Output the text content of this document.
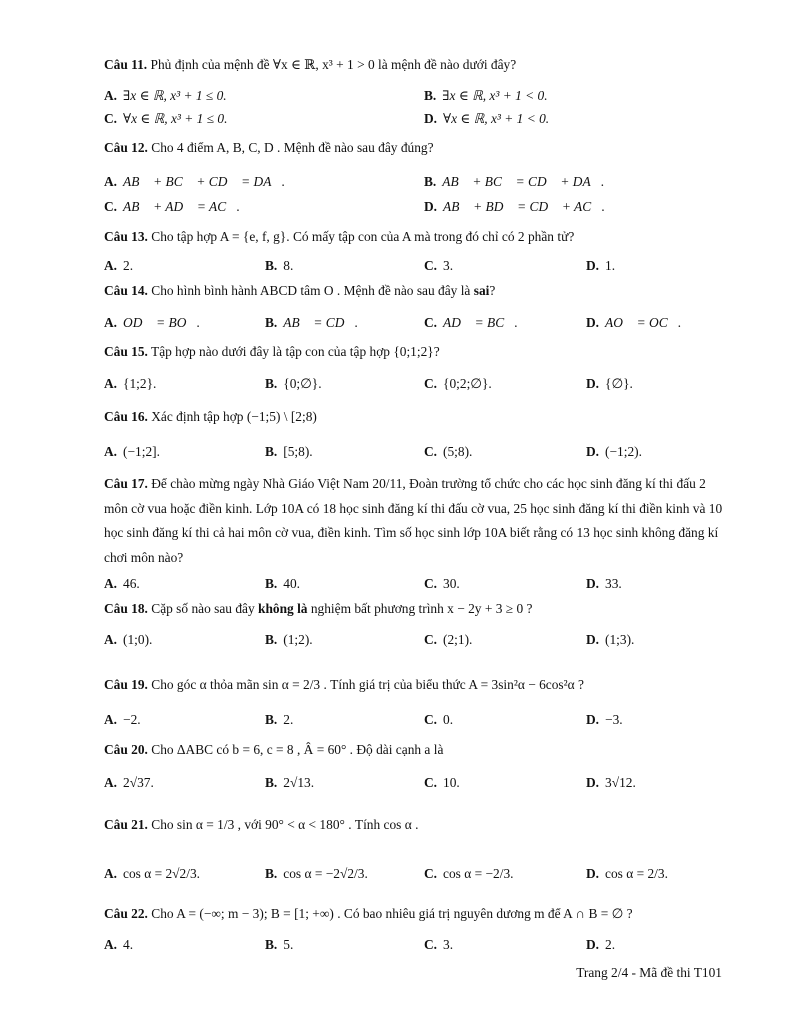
Câu 11. Phủ định của mệnh đề ∀x ∈ ℝ, x³ + 1 > 0 là mệnh đề nào dưới đây?
A. ∃x ∈ ℝ, x³ + 1 ≤ 0.	B. ∃x ∈ ℝ, x³ + 1 < 0.
C. ∀x ∈ ℝ, x³ + 1 ≤ 0.	D. ∀x ∈ ℝ, x³ + 1 < 0.
Câu 12. Cho 4 điểm A, B, C, D . Mệnh đề nào sau đây đúng?
A. AB⃗ + BC⃗ + CD⃗ = DA⃗.	B. AB⃗ + BC⃗ = CD⃗ + DA⃗.
C. AB⃗ + AD⃗ = AC⃗.	D. AB⃗ + BD⃗ = CD⃗ + AC⃗.
Câu 13. Cho tập hợp A = {e, f, g}. Có mấy tập con của A mà trong đó chỉ có 2 phần tử?
A. 2.	B. 8.	C. 3.	D. 1.
Câu 14. Cho hình bình hành ABCD tâm O . Mệnh đề nào sau đây là sai?
A. OD⃗ = BO⃗.	B. AB⃗ = CD⃗.	C. AD⃗ = BC⃗.	D. AO⃗ = OC⃗.
Câu 15. Tập hợp nào dưới đây là tập con của tập hợp {0;1;2}?
A. {1;2}.	B. {0;∅}.	C. {0;2;∅}.	D. {∅}.
Câu 16. Xác định tập hợp (−1;5) \ [2;8)
A. (−1;2].	B. [5;8).	C. (5;8).	D. (−1;2).
Câu 17. Để chào mừng ngày Nhà Giáo Việt Nam 20/11, Đoàn trường tổ chức cho các học sinh đăng kí thi đấu 2 môn cờ vua hoặc điền kinh. Lớp 10A có 18 học sinh đăng kí thi đấu cờ vua, 25 học sinh đăng kí thi điền kinh và 10 học sinh đăng kí thi cả hai môn cờ vua, điền kinh. Tìm số học sinh lớp 10A biết rằng có 13 học sinh không đăng kí chơi môn nào?
A. 46.	B. 40.	C. 30.	D. 33.
Câu 18. Cặp số nào sau đây không là nghiệm bất phương trình x − 2y + 3 ≥ 0 ?
A. (1;0).	B. (1;2).	C. (2;1).	D. (1;3).
Câu 19. Cho góc α thỏa mãn sin α = 2/3 . Tính giá trị của biểu thức A = 3sin²α − 6cos²α ?
A. −2.	B. 2.	C. 0.	D. −3.
Câu 20. Cho ΔABC có b = 6, c = 8 , Â = 60° . Độ dài cạnh a là
A. 2√37.	B. 2√13.	C. 10.	D. 3√12.
Câu 21. Cho sin α = 1/3 , với 90° < α < 180° . Tính cos α .
A. cos α = 2√2/3.	B. cos α = −2√2/3.	C. cos α = −2/3.	D. cos α = 2/3.
Câu 22. Cho A = (−∞; m − 3); B = [1; +∞) . Có bao nhiêu giá trị nguyên dương m để A ∩ B = ∅ ?
A. 4.	B. 5.	C. 3.	D. 2.
Trang 2/4 - Mã đề thi T101
